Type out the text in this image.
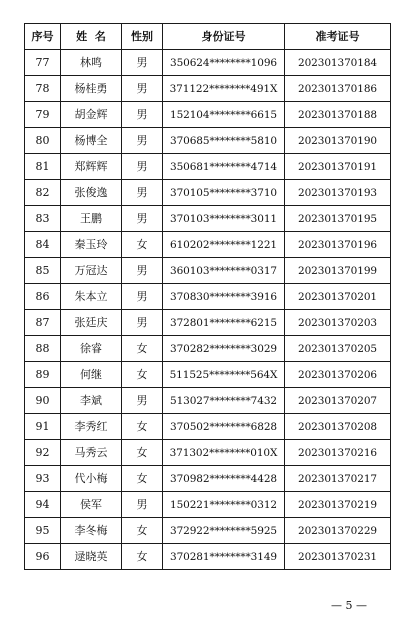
序号	姓  名	性别	身份证号	准考证号
77	林鸣	男	350624********1096	202301370184
78	杨桂勇	男	371122********491X	202301370186
79	胡金辉	男	152104********6615	202301370188
80	杨博全	男	370685********5810	202301370190
81	郑辉辉	男	350681********4714	202301370191
82	张俊逸	男	370105********3710	202301370193
83	王鹏	男	370103********3011	202301370195
84	秦玉玲	女	610202********1221	202301370196
85	万冠达	男	360103********0317	202301370199
86	朱本立	男	370830********3916	202301370201
87	张廷庆	男	372801********6215	202301370203
88	徐睿	女	370282********3029	202301370205
89	何继	女	511525********564X	202301370206
90	李斌	男	513027********7432	202301370207
91	李秀红	女	370502********6828	202301370208
92	马秀云	女	371302********010X	202301370216
93	代小梅	女	370982********4428	202301370217
94	侯军	男	150221********0312	202301370219
95	李冬梅	女	372922********5925	202301370229
96	逯晓英	女	370281********3149	202301370231
— 5 —
